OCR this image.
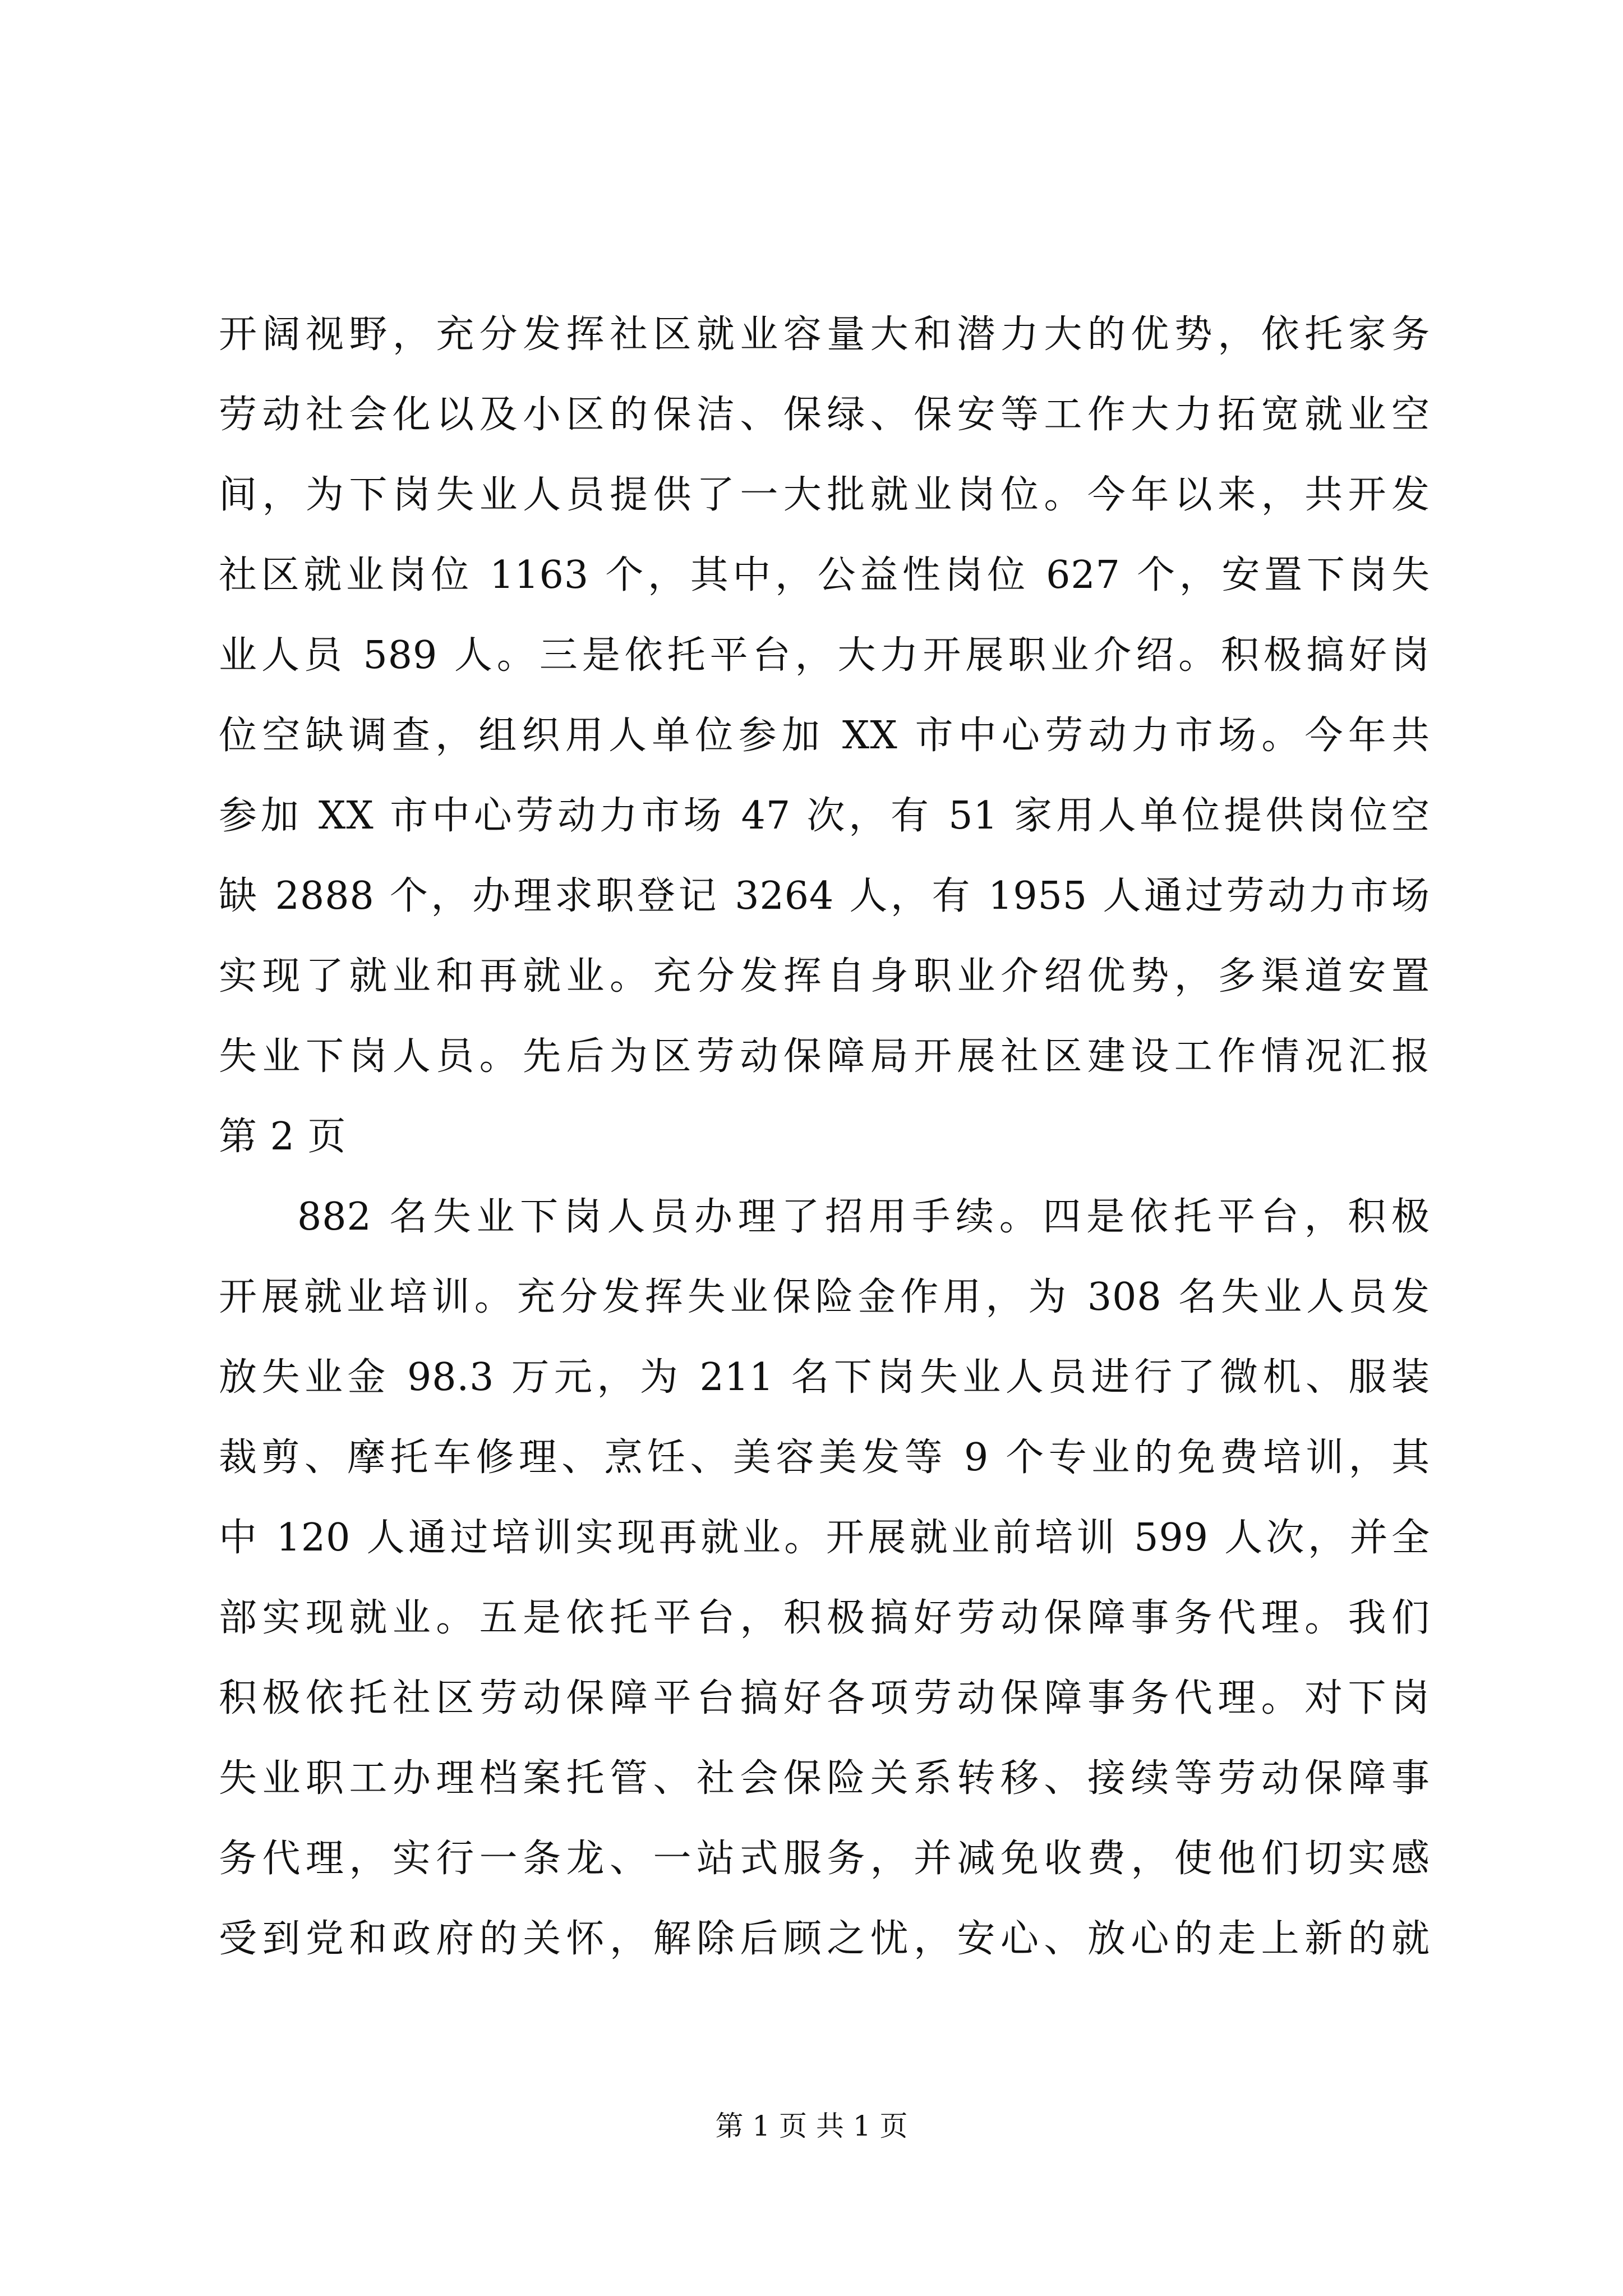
开阔视野，充分发挥社区就业容量大和潜力大的优势，依托家务
劳动社会化以及小区的保洁、保绿、保安等工作大力拓宽就业空
间，为下岗失业人员提供了一大批就业岗位。今年以来，共开发
社区就业岗位 1163 个，其中，公益性岗位 627 个，安置下岗失
业人员 589 人。三是依托平台，大力开展职业介绍。积极搞好岗
位空缺调查，组织用人单位参加 XX 市中心劳动力市场。今年共
参加 XX 市中心劳动力市场 47 次，有 51 家用人单位提供岗位空
缺 2888 个，办理求职登记 3264 人，有 1955 人通过劳动力市场
实现了就业和再就业。充分发挥自身职业介绍优势，多渠道安置
失业下岗人员。先后为区劳动保障局开展社区建设工作情况汇报
第 2 页
882 名失业下岗人员办理了招用手续。四是依托平台，积极
开展就业培训。充分发挥失业保险金作用，为 308 名失业人员发
放失业金 98.3 万元，为 211 名下岗失业人员进行了微机、服装
裁剪、摩托车修理、烹饪、美容美发等 9 个专业的免费培训，其
中 120 人通过培训实现再就业。开展就业前培训 599 人次，并全
部实现就业。五是依托平台，积极搞好劳动保障事务代理。我们
积极依托社区劳动保障平台搞好各项劳动保障事务代理。对下岗
失业职工办理档案托管、社会保险关系转移、接续等劳动保障事
务代理，实行一条龙、一站式服务，并减免收费，使他们切实感
受到党和政府的关怀，解除后顾之忧，安心、放心的走上新的就
第 1 页 共 1 页
